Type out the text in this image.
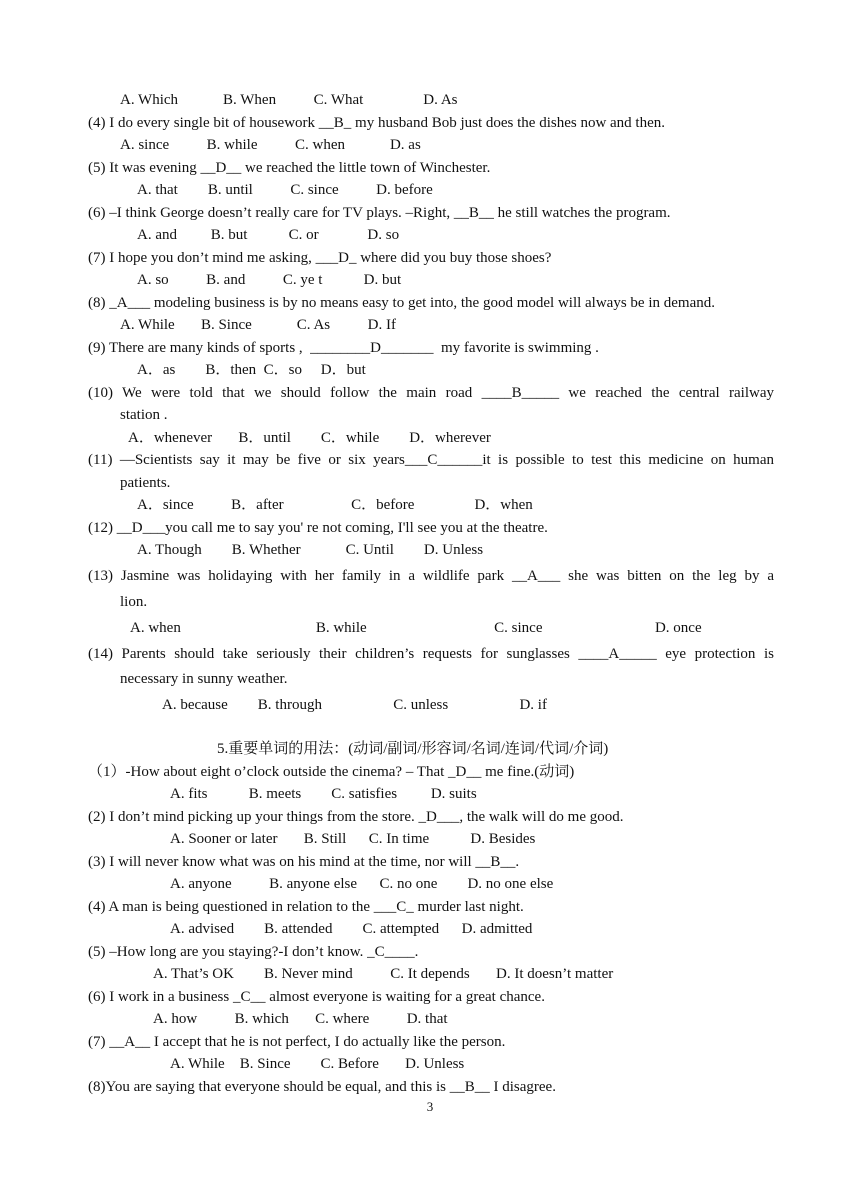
A. Which            B. When          C. What                D. As
(4) I do every single bit of housework __B_ my husband Bob just does the dishes now and then.
A. since          B. while          C. when            D. as
(5) It was evening __D__ we reached the little town of Winchester.
A. that        B. until          C. since          D. before
(6) –I think George doesn’t really care for TV plays. –Right, __B__ he still watches the program.
A. and         B. but           C. or             D. so
(7) I hope you don’t mind me asking, ___D_ where did you buy those shoes?
A. so          B. and          C. ye t           D. but
(8) _A___ modeling business is by no means easy to get into, the good model will always be in demand.
A. While       B. Since            C. As          D. If
(9) There are many kinds of sports ,  ________D_______  my favorite is swimming .
A．as        B．then  C．so     D．but
(10) We were told that we should follow the main road ____B_____ we reached the central railway
station .
A．whenever       B．until        C．while        D．wherever
(11) —Scientists say it may be five or six years___C______it is possible to test this medicine on human
patients.
A．since          B．after                  C．before                D．when
(12) __D___you call me to say you' re not coming, I'll see you at the theatre.
A. Though        B. Whether            C. Until        D. Unless
(13) Jasmine was holidaying with her family in a wildlife park __A___ she was bitten on the leg by a
lion.
A. when                                    B. while                                  C. since                              D. once
(14) Parents should take seriously their children’s requests for sunglasses ____A_____ eye protection is
necessary in sunny weather.
A. because        B. through                   C. unless                   D. if
5.重要单词的用法：(动词/副词/形容词/名词/连词/代词/介词)
（1）-How about eight o’clock outside the cinema? – That _D__ me fine.(动词)
A. fits           B. meets        C. satisfies         D. suits
(2) I don’t mind picking up your things from the store. _D___, the walk will do me good.
A. Sooner or later       B. Still      C. In time           D. Besides
(3) I will never know what was on his mind at the time, nor will __B__.
A. anyone          B. anyone else      C. no one        D. no one else
(4) A man is being questioned in relation to the ___C_ murder last night.
A. advised        B. attended        C. attempted      D. admitted
(5) –How long are you staying?-I don’t know. _C____.
A. That’s OK        B. Never mind          C. It depends       D. It doesn’t matter
(6) I work in a business _C__ almost everyone is waiting for a great chance.
A. how          B. which       C. where          D. that
(7) __A__ I accept that he is not perfect, I do actually like the person.
A. While    B. Since        C. Before       D. Unless
(8)You are saying that everyone should be equal, and this is __B__ I disagree.
3
